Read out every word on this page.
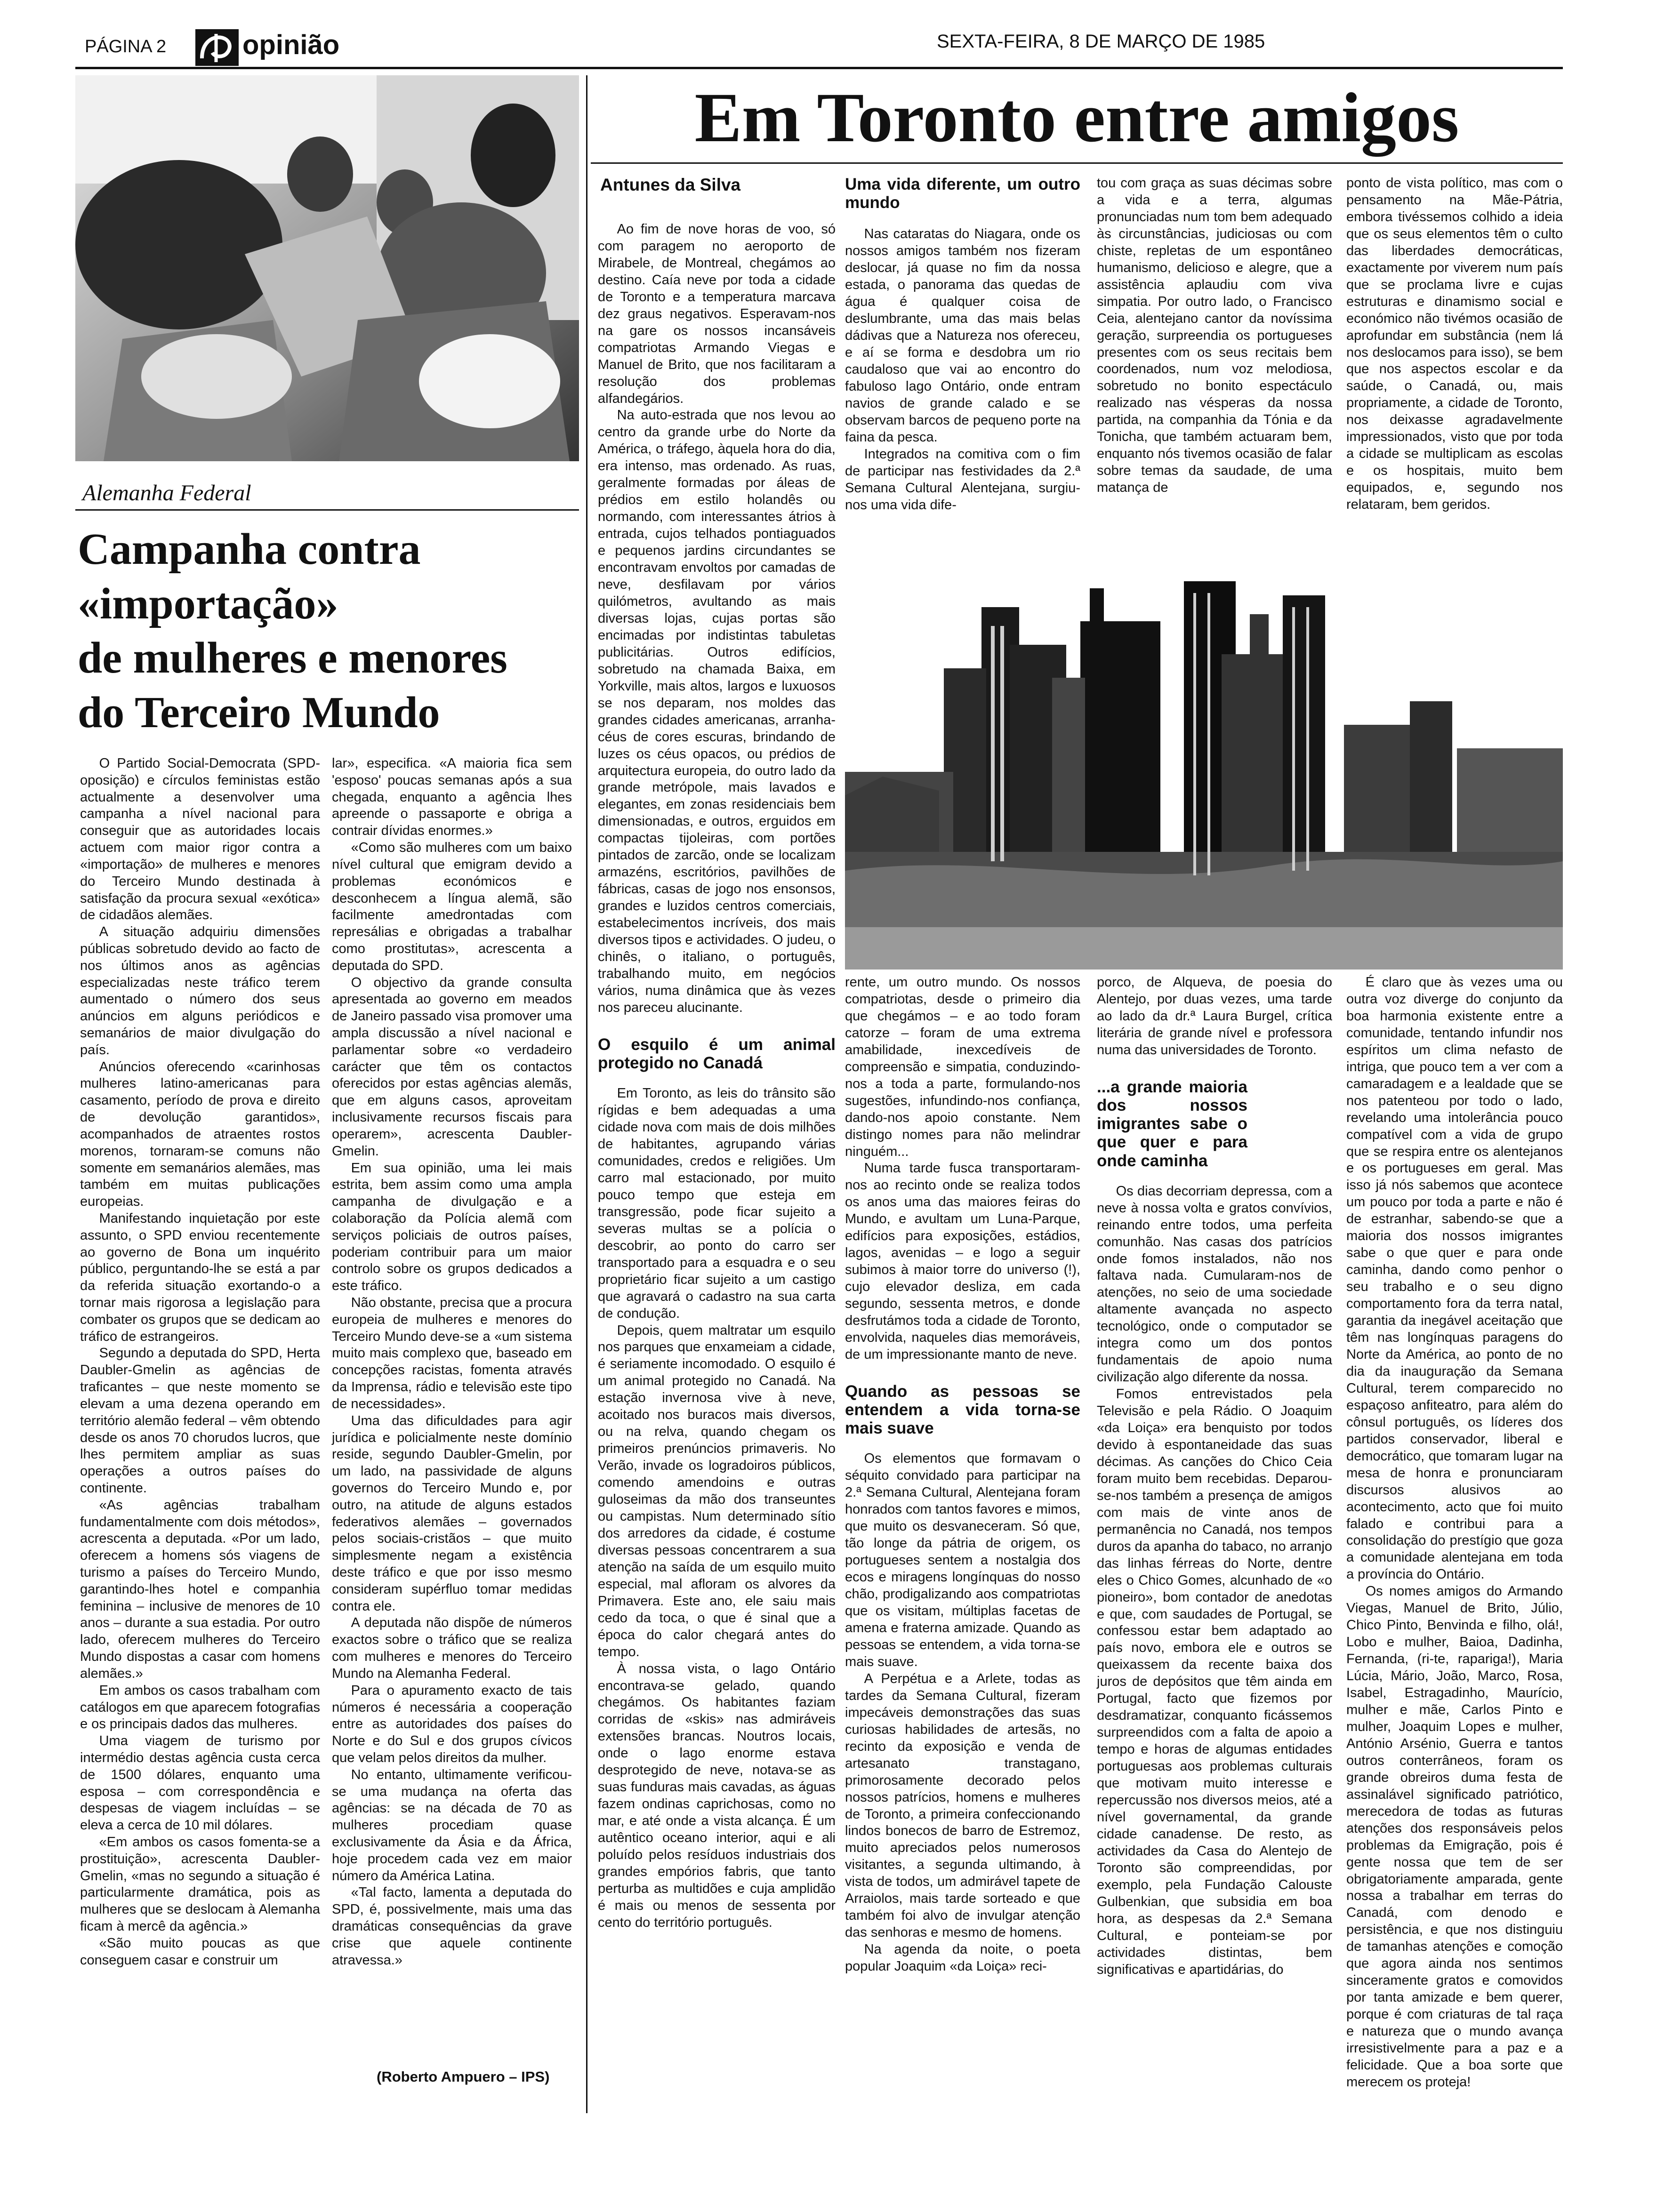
PÁGINA 2	opinião	SEXTA-FEIRA, 8 DE MARÇO DE 1985
Alemanha Federal
Campanha contra
«importação»
de mulheres e menores
do Terceiro Mundo

O Partido Social-Democrata (SPD-oposição) e círculos feministas estão actualmente a desenvolver uma campanha a nível nacional para conseguir que as autoridades locais actuem com maior rigor contra a «importação» de mulheres e menores do Terceiro Mundo destinada à satisfação da procura sexual «exótica» de cidadãos alemães.

A situação adquiriu dimensões públicas sobretudo devido ao facto de nos últimos anos as agências especializadas neste tráfico terem aumentado o número dos seus anúncios em alguns periódicos e semanários de maior divulgação do país.

Anúncios oferecendo «carinhosas mulheres latino-americanas para casamento, período de prova e direito de devolução garantidos», acompanhados de atraentes rostos morenos, tornaram-se comuns não somente em semanários alemães, mas também em muitas publicações europeias.

Manifestando inquietação por este assunto, o SPD enviou recentemente ao governo de Bona um inquérito público, perguntando-lhe se está a par da referida situação exortando-o a tornar mais rigorosa a legislação para combater os grupos que se dedicam ao tráfico de estrangeiros.

Segundo a deputada do SPD, Herta Daubler-Gmelin as agências de traficantes – que neste momento se elevam a uma dezena operando em território alemão federal – vêm obtendo desde os anos 70 chorudos lucros, que lhes permitem ampliar as suas operações a outros países do continente.

«As agências trabalham fundamentalmente com dois métodos», acrescenta a deputada. «Por um lado, oferecem a homens sós viagens de turismo a países do Terceiro Mundo, garantindo-lhes hotel e companhia feminina – inclusive de menores de 10 anos – durante a sua estadia. Por outro lado, oferecem mulheres do Terceiro Mundo dispostas a casar com homens alemães.»

Em ambos os casos trabalham com catálogos em que aparecem fotografias e os principais dados das mulheres.

Uma viagem de turismo por intermédio destas agência custa cerca de 1500 dólares, enquanto uma esposa – com correspondência e despesas de viagem incluídas – se eleva a cerca de 10 mil dólares.

«Em ambos os casos fomenta-se a prostituição», acrescenta Daubler-Gmelin, «mas no segundo a situação é particularmente dramática, pois as mulheres que se deslocam à Alemanha ficam à mercê da agência.»

«São muito poucas as que conseguem casar e construir um

lar», especifica. «A maioria fica sem 'esposo' poucas semanas após a sua chegada, enquanto a agência lhes apreende o passaporte e obriga a contrair dívidas enormes.»

«Como são mulheres com um baixo nível cultural que emigram devido a problemas económicos e desconhecem a língua alemã, são facilmente amedrontadas com represálias e obrigadas a trabalhar como prostitutas», acrescenta a deputada do SPD.

O objectivo da grande consulta apresentada ao governo em meados de Janeiro passado visa promover uma ampla discussão a nível nacional e parlamentar sobre «o verdadeiro carácter que têm os contactos oferecidos por estas agências alemãs, que em alguns casos, aproveitam inclusivamente recursos fiscais para operarem», acrescenta Daubler-Gmelin.

Em sua opinião, uma lei mais estrita, bem assim como uma ampla campanha de divulgação e a colaboração da Polícia alemã com serviços policiais de outros países, poderiam contribuir para um maior controlo sobre os grupos dedicados a este tráfico.

Não obstante, precisa que a procura europeia de mulheres e menores do Terceiro Mundo deve-se a «um sistema muito mais complexo que, baseado em concepções racistas, fomenta através da Imprensa, rádio e televisão este tipo de necessidades».

Uma das dificuldades para agir jurídica e policialmente neste domínio reside, segundo Daubler-Gmelin, por um lado, na passividade de alguns governos do Terceiro Mundo e, por outro, na atitude de alguns estados federativos alemães – governados pelos sociais-cristãos – que muito simplesmente negam a existência deste tráfico e que por isso mesmo consideram supérfluo tomar medidas contra ele.

A deputada não dispõe de números exactos sobre o tráfico que se realiza com mulheres e menores do Terceiro Mundo na Alemanha Federal.

Para o apuramento exacto de tais números é necessária a cooperação entre as autoridades dos países do Norte e do Sul e dos grupos cívicos que velam pelos direitos da mulher.

No entanto, ultimamente verificou-se uma mudança na oferta das agências: se na década de 70 as mulheres procediam quase exclusivamente da Ásia e da África, hoje procedem cada vez em maior número da América Latina.

«Tal facto, lamenta a deputada do SPD, é, possivelmente, mais uma das dramáticas consequências da grave crise que aquele continente atravessa.»

(Roberto Ampuero – IPS)
Em Toronto entre amigos
Antunes da Silva

Ao fim de nove horas de voo, só com paragem no aeroporto de Mirabele, de Montreal, chegámos ao destino. Caía neve por toda a cidade de Toronto e a temperatura marcava dez graus negativos. Esperavam-nos na gare os nossos incansáveis compatriotas Armando Viegas e Manuel de Brito, que nos facilitaram a resolução dos problemas alfandegários.

Na auto-estrada que nos levou ao centro da grande urbe do Norte da América, o tráfego, àquela hora do dia, era intenso, mas ordenado. As ruas, geralmente formadas por áleas de prédios em estilo holandês ou normando, com interessantes átrios à entrada, cujos telhados pontiaguados e pequenos jardins circundantes se encontravam envoltos por camadas de neve, desfilavam por vários quilómetros, avultando as mais diversas lojas, cujas portas são encimadas por indistintas tabuletas publicitárias. Outros edifícios, sobretudo na chamada Baixa, em Yorkville, mais altos, largos e luxuosos se nos deparam, nos moldes das grandes cidades americanas, arranha-céus de cores escuras, brindando de luzes os céus opacos, ou prédios de arquitectura europeia, do outro lado da grande metrópole, mais lavados e elegantes, em zonas residenciais bem dimensionadas, e outros, erguidos em compactas tijoleiras, com portões pintados de zarcão, onde se localizam armazéns, escritórios, pavilhões de fábricas, casas de jogo nos ensonsos, grandes e luzidos centros comerciais, estabelecimentos incríveis, dos mais diversos tipos e actividades. O judeu, o chinês, o italiano, o português, trabalhando muito, em negócios vários, numa dinâmica que às vezes nos pareceu alucinante.

O esquilo é um animal protegido no Canadá

Em Toronto, as leis do trânsito são rígidas e bem adequadas a uma cidade nova com mais de dois milhões de habitantes, agrupando várias comunidades, credos e religiões. Um carro mal estacionado, por muito pouco tempo que esteja em transgressão, pode ficar sujeito a severas multas se a polícia o descobrir, ao ponto do carro ser transportado para a esquadra e o seu proprietário ficar sujeito a um castigo que agravará o cadastro na sua carta de condução.

Depois, quem maltratar um esquilo nos parques que enxameiam a cidade, é seriamente incomodado. O esquilo é um animal protegido no Canadá. Na estação invernosa vive à neve, acoitado nos buracos mais diversos, ou na relva, quando chegam os primeiros prenúncios primaveris. No Verão, invade os logradoiros públicos, comendo amendoins e outras guloseimas da mão dos transeuntes ou campistas. Num determinado sítio dos arredores da cidade, é costume diversas pessoas concentrarem a sua atenção na saída de um esquilo muito especial, mal afloram os alvores da Primavera. Este ano, ele saiu mais cedo da toca, o que é sinal que a época do calor chegará antes do tempo.

À nossa vista, o lago Ontário encontrava-se gelado, quando chegámos. Os habitantes faziam corridas de «skis» nas admiráveis extensões brancas. Noutros locais, onde o lago enorme estava desprotegido de neve, notava-se as suas funduras mais cavadas, as águas fazem ondinas caprichosas, como no mar, e até onde a vista alcança. É um autêntico oceano interior, aqui e ali poluído pelos resíduos industriais dos grandes empórios fabris, que tanto perturba as multidões e cuja amplidão é mais ou menos de sessenta por cento do território português.

Uma vida diferente, um outro mundo

Nas cataratas do Niagara, onde os nossos amigos também nos fizeram deslocar, já quase no fim da nossa estada, o panorama das quedas de água é qualquer coisa de deslumbrante, uma das mais belas dádivas que a Natureza nos ofereceu, e aí se forma e desdobra um rio caudaloso que vai ao encontro do fabuloso lago Ontário, onde entram navios de grande calado e se observam barcos de pequeno porte na faina da pesca.

Integrados na comitiva com o fim de participar nas festividades da 2.ª Semana Cultural Alentejana, surgiu-nos uma vida dife-

tou com graça as suas décimas sobre a vida e a terra, algumas pronunciadas num tom bem adequado às circunstâncias, judiciosas ou com chiste, repletas de um espontâneo humanismo, delicioso e alegre, que a assistência aplaudiu com viva simpatia. Por outro lado, o Francisco Ceia, alentejano cantor da novíssima geração, surpreendia os portugueses presentes com os seus recitais bem coordenados, num voz melodiosa, sobretudo no bonito espectáculo realizado nas vésperas da nossa partida, na companhia da Tónia e da Tonicha, que também actuaram bem, enquanto nós tivemos ocasião de falar sobre temas da saudade, de uma matança de

ponto de vista político, mas com o pensamento na Mãe-Pátria, embora tivéssemos colhido a ideia que os seus elementos têm o culto das liberdades democráticas, exactamente por viverem num país que se proclama livre e cujas estruturas e dinamismo social e económico não tivémos ocasião de aprofundar em substância (nem lá nos deslocamos para isso), se bem que nos aspectos escolar e da saúde, o Canadá, ou, mais propriamente, a cidade de Toronto, nos deixasse agradavelmente impressionados, visto que por toda a cidade se multiplicam as escolas e os hospitais, muito bem equipados, e, segundo nos relataram, bem geridos.

rente, um outro mundo. Os nossos compatriotas, desde o primeiro dia que chegámos – e ao todo foram catorze – foram de uma extrema amabilidade, inexcedíveis de compreensão e simpatia, conduzindo-nos a toda a parte, formulando-nos sugestões, infundindo-nos confiança, dando-nos apoio constante. Nem distingo nomes para não melindrar ninguém...

Numa tarde fusca transportaram-nos ao recinto onde se realiza todos os anos uma das maiores feiras do Mundo, e avultam um Luna-Parque, edifícios para exposições, estádios, lagos, avenidas – e logo a seguir subimos à maior torre do universo (!), cujo elevador desliza, em cada segundo, sessenta metros, e donde desfrutámos toda a cidade de Toronto, envolvida, naqueles dias memoráveis, de um impressionante manto de neve.

Quando as pessoas se entendem a vida torna-se mais suave

Os elementos que formavam o séquito convidado para participar na 2.ª Semana Cultural, Alentejana foram honrados com tantos favores e mimos, que muito os desvaneceram. Só que, tão longe da pátria de origem, os portugueses sentem a nostalgia dos ecos e miragens longínquas do nosso chão, prodigalizando aos compatriotas que os visitam, múltiplas facetas de amena e fraterna amizade. Quando as pessoas se entendem, a vida torna-se mais suave.

A Perpétua e a Arlete, todas as tardes da Semana Cultural, fizeram impecáveis demonstrações das suas curiosas habilidades de artesãs, no recinto da exposição e venda de artesanato transtagano, primorosamente decorado pelos nossos patrícios, homens e mulheres de Toronto, a primeira confeccionando lindos bonecos de barro de Estremoz, muito apreciados pelos numerosos visitantes, a segunda ultimando, à vista de todos, um admirável tapete de Arraiolos, mais tarde sorteado e que também foi alvo de invulgar atenção das senhoras e mesmo de homens.

Na agenda da noite, o poeta popular Joaquim «da Loiça» reci-

porco, de Alqueva, de poesia do Alentejo, por duas vezes, uma tarde ao lado da dr.ª Laura Burgel, crítica literária de grande nível e professora numa das universidades de Toronto.

...a grande maioria dos nossos imigrantes sabe o que quer e para onde caminha

Os dias decorriam depressa, com a neve à nossa volta e gratos convívios, reinando entre todos, uma perfeita comunhão. Nas casas dos patrícios onde fomos instalados, não nos faltava nada. Cumularam-nos de atenções, no seio de uma sociedade altamente avançada no aspecto tecnológico, onde o computador se integra como um dos pontos fundamentais de apoio numa civilização algo diferente da nossa.

Fomos entrevistados pela Televisão e pela Rádio. O Joaquim «da Loiça» era benquisto por todos devido à espontaneidade das suas décimas. As canções do Chico Ceia foram muito bem recebidas. Deparou-se-nos também a presença de amigos com mais de vinte anos de permanência no Canadá, nos tempos duros da apanha do tabaco, no arranjo das linhas férreas do Norte, dentre eles o Chico Gomes, alcunhado de «o pioneiro», bom contador de anedotas e que, com saudades de Portugal, se confessou estar bem adaptado ao país novo, embora ele e outros se queixassem da recente baixa dos juros de depósitos que têm ainda em Portugal, facto que fizemos por desdramatizar, conquanto ficássemos surpreendidos com a falta de apoio a tempo e horas de algumas entidades portuguesas aos problemas culturais que motivam muito interesse e repercussão nos diversos meios, até a nível governamental, da grande cidade canadense. De resto, as actividades da Casa do Alentejo de Toronto são compreendidas, por exemplo, pela Fundação Calouste Gulbenkian, que subsidia em boa hora, as despesas da 2.ª Semana Cultural, e ponteiam-se por actividades distintas, bem significativas e apartidárias, do

É claro que às vezes uma ou outra voz diverge do conjunto da boa harmonia existente entre a comunidade, tentando infundir nos espíritos um clima nefasto de intriga, que pouco tem a ver com a camaradagem e a lealdade que se nos patenteou por todo o lado, revelando uma intolerância pouco compatível com a vida de grupo que se respira entre os alentejanos e os portugueses em geral. Mas isso já nós sabemos que acontece um pouco por toda a parte e não é de estranhar, sabendo-se que a maioria dos nossos imigrantes sabe o que quer e para onde caminha, dando como penhor o seu trabalho e o seu digno comportamento fora da terra natal, garantia da inegável aceitação que têm nas longínquas paragens do Norte da América, ao ponto de no dia da inauguração da Semana Cultural, terem comparecido no espaçoso anfiteatro, para além do cônsul português, os líderes dos partidos conservador, liberal e democrático, que tomaram lugar na mesa de honra e pronunciaram discursos alusivos ao acontecimento, acto que foi muito falado e contribui para a consolidação do prestígio que goza a comunidade alentejana em toda a província do Ontário.

Os nomes amigos do Armando Viegas, Manuel de Brito, Júlio, Chico Pinto, Benvinda e filho, olá!, Lobo e mulher, Baioa, Dadinha, Fernanda, (ri-te, rapariga!), Maria Lúcia, Mário, João, Marco, Rosa, Isabel, Estragadinho, Maurício, mulher e mãe, Carlos Pinto e mulher, Joaquim Lopes e mulher, António Arsénio, Guerra e tantos outros conterrâneos, foram os grande obreiros duma festa de assinalável significado patriótico, merecedora de todas as futuras atenções dos responsáveis pelos problemas da Emigração, pois é gente nossa que tem de ser obrigatoriamente amparada, gente nossa a trabalhar em terras do Canadá, com denodo e persistência, e que nos distinguiu de tamanhas atenções e comoção que agora ainda nos sentimos sinceramente gratos e comovidos por tanta amizade e bem querer, porque é com criaturas de tal raça e natureza que o mundo avança irresistivelmente para a paz e a felicidade. Que a boa sorte que merecem os proteja!
